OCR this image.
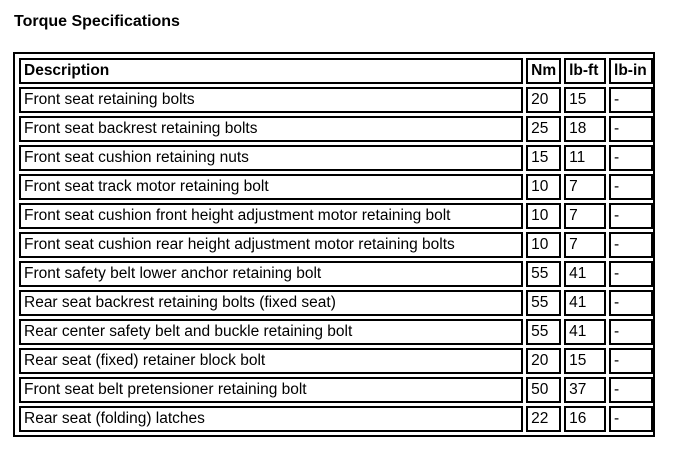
Torque Specifications
Description	Nm	lb-ft	lb-in
Front seat retaining bolts	20	15	-
Front seat backrest retaining bolts	25	18	-
Front seat cushion retaining nuts	15	11	-
Front seat track motor retaining bolt	10	7	-
Front seat cushion front height adjustment motor retaining bolt	10	7	-
Front seat cushion rear height adjustment motor retaining bolts	10	7	-
Front safety belt lower anchor retaining bolt	55	41	-
Rear seat backrest retaining bolts (fixed seat)	55	41	-
Rear center safety belt and buckle retaining bolt	55	41	-
Rear seat (fixed) retainer block bolt	20	15	-
Front seat belt pretensioner retaining bolt	50	37	-
Rear seat (folding) latches	22	16	-
